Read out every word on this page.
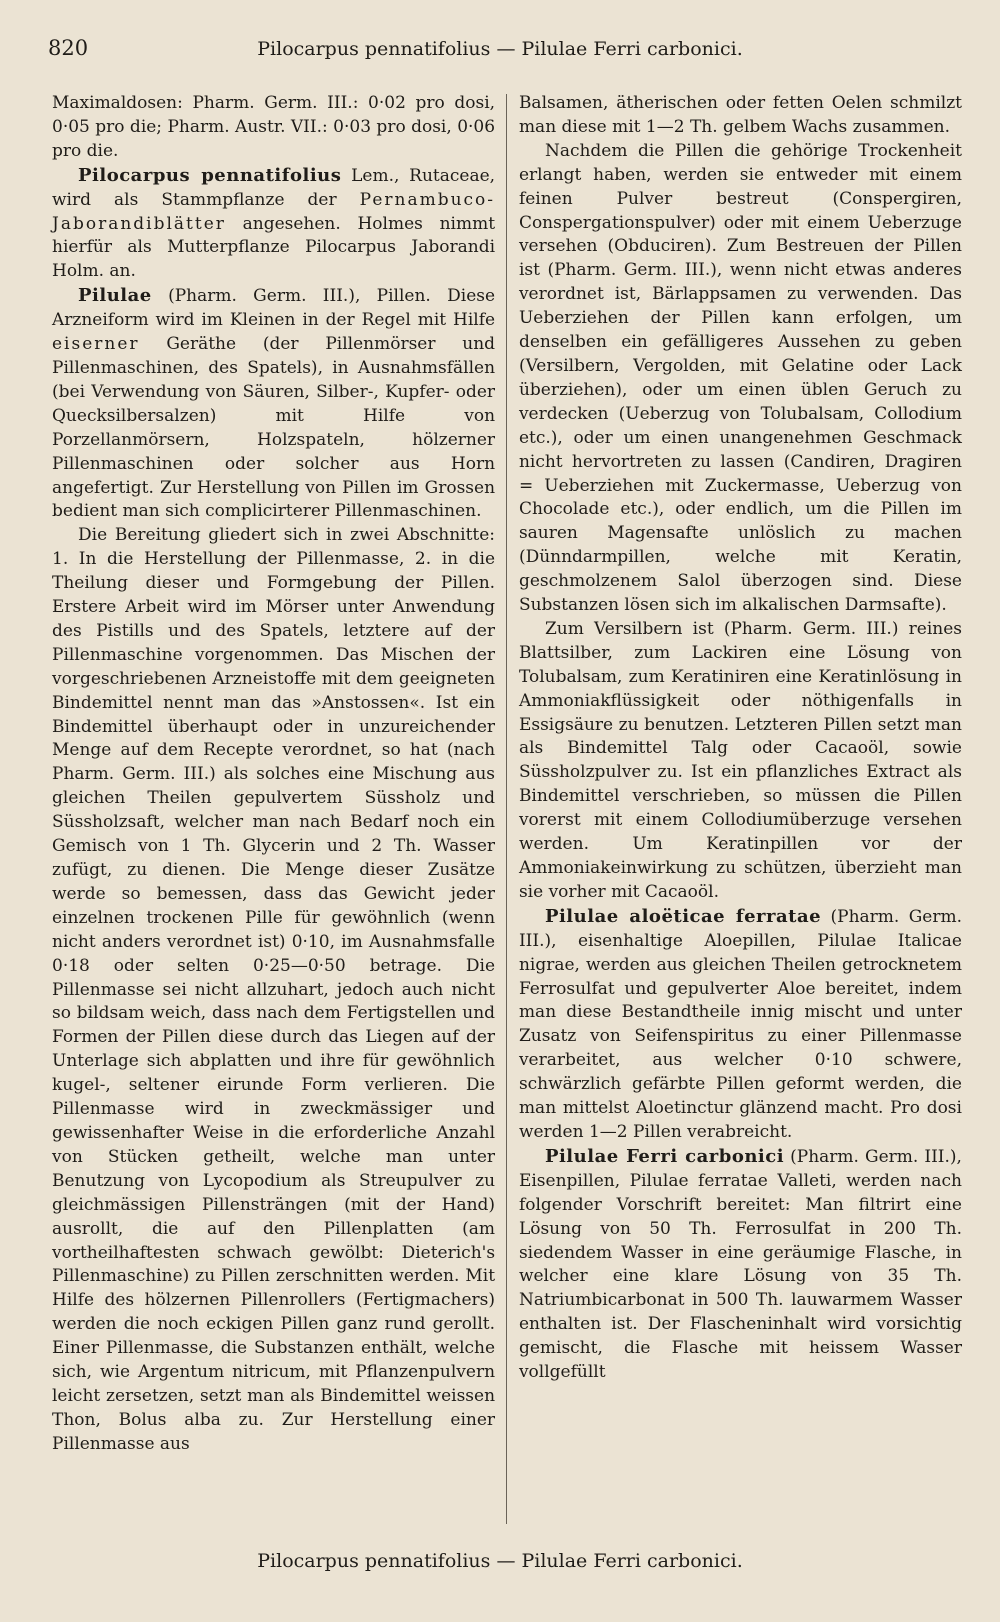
820	Pilocarpus pennatifolius — Pilulae Ferri carbonici.

Maximaldosen: Pharm. Germ. III.: 0·02 pro dosi, 0·05 pro die; Pharm. Austr. VII.: 0·03 pro dosi, 0·06 pro die.

Pilocarpus pennatifolius Lem., Rutaceae, wird als Stammpflanze der Pernambuco-Jaborandiblätter angesehen. Holmes nimmt hierfür als Mutterpflanze Pilocarpus Jaborandi Holm. an.

Pilulae (Pharm. Germ. III.), Pillen. Diese Arzneiform wird im Kleinen in der Regel mit Hilfe eiserner Geräthe (der Pillenmörser und Pillenmaschinen, des Spatels), in Ausnahmsfällen (bei Verwendung von Säuren, Silber-, Kupfer- oder Quecksilbersalzen) mit Hilfe von Porzellanmörsern, Holzspateln, hölzerner Pillenmaschinen oder solcher aus Horn angefertigt. Zur Herstellung von Pillen im Grossen bedient man sich complicirterer Pillenmaschinen.

Die Bereitung gliedert sich in zwei Abschnitte: 1. In die Herstellung der Pillenmasse, 2. in die Theilung dieser und Formgebung der Pillen. Erstere Arbeit wird im Mörser unter Anwendung des Pistills und des Spatels, letztere auf der Pillenmaschine vorgenommen. Das Mischen der vorgeschriebenen Arzneistoffe mit dem geeigneten Bindemittel nennt man das »Anstossen«. Ist ein Bindemittel überhaupt oder in unzureichender Menge auf dem Recepte verordnet, so hat (nach Pharm. Germ. III.) als solches eine Mischung aus gleichen Theilen gepulvertem Süssholz und Süssholzsaft, welcher man nach Bedarf noch ein Gemisch von 1 Th. Glycerin und 2 Th. Wasser zufügt, zu dienen. Die Menge dieser Zusätze werde so bemessen, dass das Gewicht jeder einzelnen trockenen Pille für gewöhnlich (wenn nicht anders verordnet ist) 0·10, im Ausnahmsfalle 0·18 oder selten 0·25—0·50 betrage. Die Pillenmasse sei nicht allzuhart, jedoch auch nicht so bildsam weich, dass nach dem Fertigstellen und Formen der Pillen diese durch das Liegen auf der Unterlage sich abplatten und ihre für gewöhnlich kugel-, seltener eirunde Form verlieren. Die Pillenmasse wird in zweckmässiger und gewissenhafter Weise in die erforderliche Anzahl von Stücken getheilt, welche man unter Benutzung von Lycopodium als Streupulver zu gleichmässigen Pillensträngen (mit der Hand) ausrollt, die auf den Pillenplatten (am vortheilhaftesten schwach gewölbt: Dieterich's Pillenmaschine) zu Pillen zerschnitten werden. Mit Hilfe des hölzernen Pillenrollers (Fertigmachers) werden die noch eckigen Pillen ganz rund gerollt. Einer Pillenmasse, die Substanzen enthält, welche sich, wie Argentum nitricum, mit Pflanzenpulvern leicht zersetzen, setzt man als Bindemittel weissen Thon, Bolus alba zu. Zur Herstellung einer Pillenmasse aus

Balsamen, ätherischen oder fetten Oelen schmilzt man diese mit 1—2 Th. gelbem Wachs zusammen.

Nachdem die Pillen die gehörige Trockenheit erlangt haben, werden sie entweder mit einem feinen Pulver bestreut (Conspergiren, Conspergationspulver) oder mit einem Ueberzuge versehen (Obduciren). Zum Bestreuen der Pillen ist (Pharm. Germ. III.), wenn nicht etwas anderes verordnet ist, Bärlappsamen zu verwenden. Das Ueberziehen der Pillen kann erfolgen, um denselben ein gefälligeres Aussehen zu geben (Versilbern, Vergolden, mit Gelatine oder Lack überziehen), oder um einen üblen Geruch zu verdecken (Ueberzug von Tolubalsam, Collodium etc.), oder um einen unangenehmen Geschmack nicht hervortreten zu lassen (Candiren, Dragiren = Ueberziehen mit Zuckermasse, Ueberzug von Chocolade etc.), oder endlich, um die Pillen im sauren Magensafte unlöslich zu machen (Dünndarmpillen, welche mit Keratin, geschmolzenem Salol überzogen sind. Diese Substanzen lösen sich im alkalischen Darmsafte).

Zum Versilbern ist (Pharm. Germ. III.) reines Blattsilber, zum Lackiren eine Lösung von Tolubalsam, zum Keratiniren eine Keratinlösung in Ammoniakflüssigkeit oder nöthigenfalls in Essigsäure zu benutzen. Letzteren Pillen setzt man als Bindemittel Talg oder Cacaoöl, sowie Süssholzpulver zu. Ist ein pflanzliches Extract als Bindemittel verschrieben, so müssen die Pillen vorerst mit einem Collodiumüberzuge versehen werden. Um Keratinpillen vor der Ammoniakeinwirkung zu schützen, überzieht man sie vorher mit Cacaoöl.

Pilulae aloëticae ferratae (Pharm. Germ. III.), eisenhaltige Aloepillen, Pilulae Italicae nigrae, werden aus gleichen Theilen getrocknetem Ferrosulfat und gepulverter Aloe bereitet, indem man diese Bestandtheile innig mischt und unter Zusatz von Seifenspiritus zu einer Pillenmasse verarbeitet, aus welcher 0·10 schwere, schwärzlich gefärbte Pillen geformt werden, die man mittelst Aloetinctur glänzend macht. Pro dosi werden 1—2 Pillen verabreicht.

Pilulae Ferri carbonici (Pharm. Germ. III.), Eisenpillen, Pilulae ferratae Valleti, werden nach folgender Vorschrift bereitet: Man filtrirt eine Lösung von 50 Th. Ferrosulfat in 200 Th. siedendem Wasser in eine geräumige Flasche, in welcher eine klare Lösung von 35 Th. Natriumbicarbonat in 500 Th. lauwarmem Wasser enthalten ist. Der Flascheninhalt wird vorsichtig gemischt, die Flasche mit heissem Wasser vollgefüllt

Pilocarpus pennatifolius — Pilulae Ferri carbonici.
